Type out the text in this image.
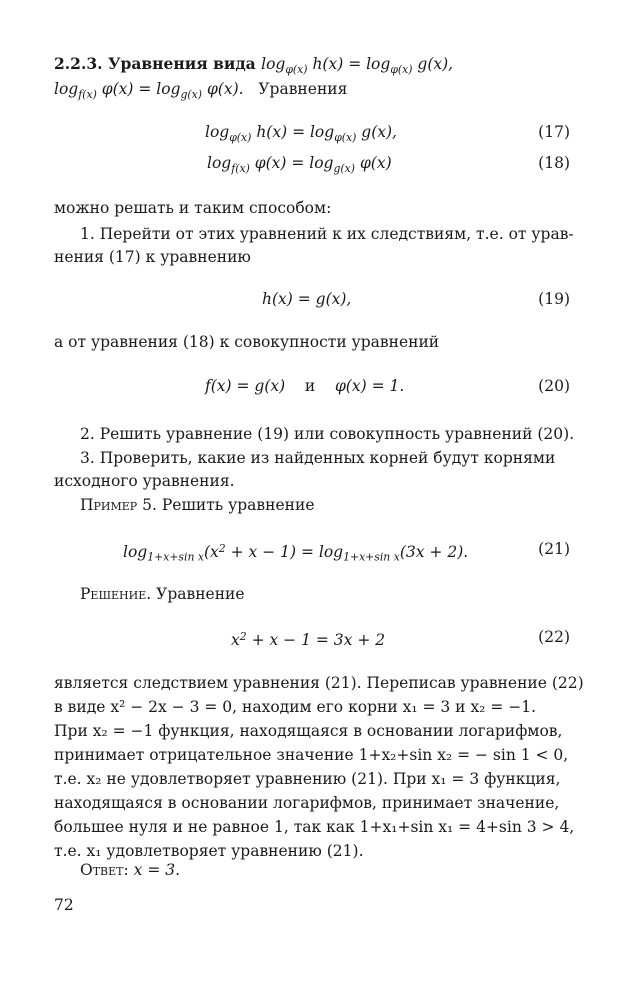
2.2.3. Уравнения вида $\log_{\varphi(x)} h(x) = \log_{\varphi(x)} g(x)$,
$\log_{f(x)} \varphi(x) = \log_{g(x)} \varphi(x)$. Уравнения
$\log_{\varphi(x)} h(x) = \log_{\varphi(x)} g(x)$,	(17)
$\log_{f(x)} \varphi(x) = \log_{g(x)} \varphi(x)$	(18)
можно решать и таким способом:
1. Перейти от этих уравнений к их следствиям, т.е. от урав-
нения (17) к уравнению
h(x) = g(x),	(19)
а от уравнения (18) к совокупности уравнений
f(x) = g(x) и φ(x) = 1.	(20)
2. Решить уравнение (19) или совокупность уравнений (20).
3. Проверить, какие из найденных корней будут корнями
исходного уравнения.
Пример 5. Решить уравнение
$\log_{1+x+sin x}(x^2 + x - 1) = \log_{1+x+sin x}(3x + 2)$.	(21)
Решение. Уравнение
$x^2 + x - 1 = 3x + 2$	(22)
является следствием уравнения (21). Переписав уравнение (22)
в виде x² − 2x − 3 = 0, находим его корни x₁ = 3 и x₂ = −1.
При x₂ = −1 функция, находящаяся в основании логарифмов,
принимает отрицательное значение 1+x₂+sin x₂ = − sin 1 < 0,
т.е. x₂ не удовлетворяет уравнению (21). При x₁ = 3 функция,
находящаяся в основании логарифмов, принимает значение,
большее нуля и не равное 1, так как 1+x₁+sin x₁ = 4+sin 3 > 4,
т.е. x₁ удовлетворяет уравнению (21).
Ответ: x = 3.
72
